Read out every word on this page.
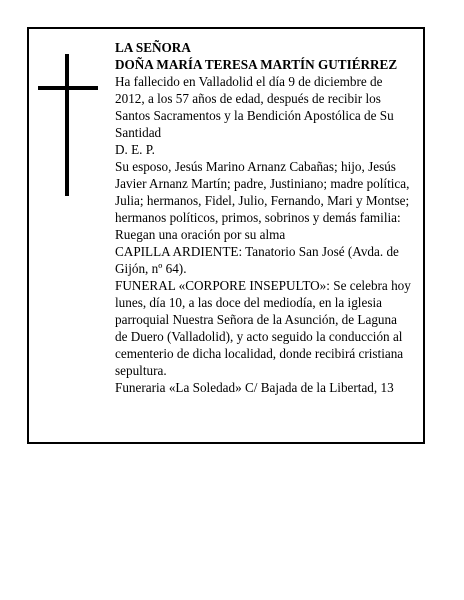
LA SEÑORA
DOÑA MARÍA TERESA MARTÍN GUTIÉRREZ
Ha fallecido en Valladolid el día 9 de diciembre de
2012, a los 57 años de edad, después de recibir los
Santos Sacramentos y la Bendición Apostólica de Su
Santidad
D. E. P.
Su esposo, Jesús Marino Arnanz Cabañas; hijo, Jesús
Javier Arnanz Martín; padre, Justiniano; madre política,
Julia; hermanos, Fidel, Julio, Fernando, Mari y Montse;
hermanos políticos, primos, sobrinos y demás familia:
Ruegan una oración por su alma
CAPILLA ARDIENTE: Tanatorio San José (Avda. de
Gijón, nº 64).
FUNERAL «CORPORE INSEPULTO»: Se celebra hoy
lunes, día 10, a las doce del mediodía, en la iglesia
parroquial Nuestra Señora de la Asunción, de Laguna
de Duero (Valladolid), y acto seguido la conducción al
cementerio de dicha localidad, donde recibirá cristiana
sepultura.
Funeraria «La Soledad» C/ Bajada de la Libertad, 13
